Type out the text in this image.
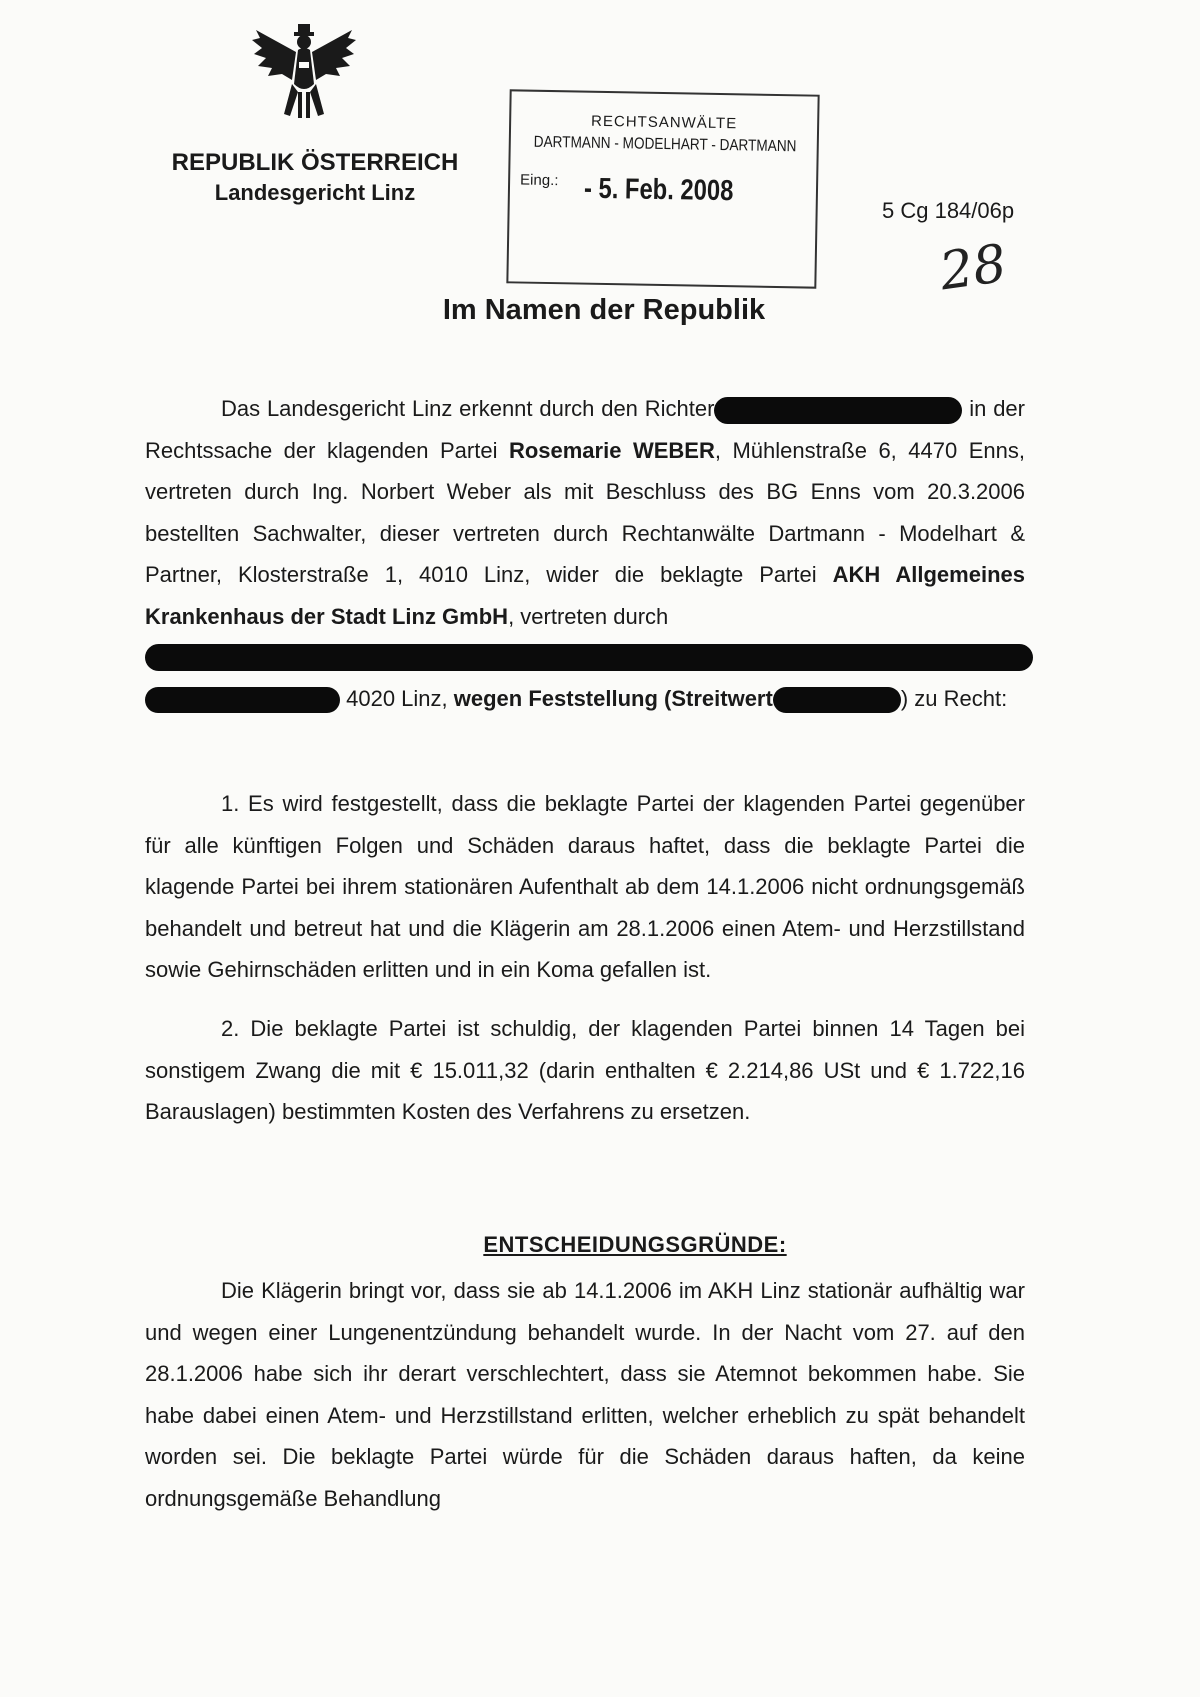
REPUBLIK ÖSTERREICH
Landesgericht Linz
RECHTSANWÄLTE
DARTMANN - MODELHART - DARTMANN
Eing.: - 5. Feb. 2008
5 Cg 184/06p
28
Im Namen der Republik
Das Landesgericht Linz erkennt durch den Richter	in der Rechtssache der klagenden Partei Rosemarie WEBER, Mühlenstraße 6, 4470 Enns, vertreten durch Ing. Norbert Weber als mit Beschluss des BG Enns vom 20.3.2006 bestellten Sachwalter, dieser vertreten durch Rechtanwälte Dartmann - Modelhart & Partner, Klosterstraße 1, 4010 Linz, wider die beklagte Partei AKH Allgemeines Krankenhaus der Stadt Linz GmbH, vertreten durch
4020 Linz, wegen Feststellung (Streitwert	) zu Recht:
1. Es wird festgestellt, dass die beklagte Partei der klagenden Partei gegenüber für alle künftigen Folgen und Schäden daraus haftet, dass die beklagte Partei die klagende Partei bei ihrem stationären Aufenthalt ab dem 14.1.2006 nicht ordnungsgemäß behandelt und betreut hat und die Klägerin am 28.1.2006 einen Atem- und Herzstillstand sowie Gehirnschäden erlitten und in ein Koma gefallen ist.
2. Die beklagte Partei ist schuldig, der klagenden Partei binnen 14 Tagen bei sonstigem Zwang die mit € 15.011,32 (darin enthalten € 2.214,86 USt und € 1.722,16 Barauslagen) bestimmten Kosten des Verfahrens zu ersetzen.
ENTSCHEIDUNGSGRÜNDE:
Die Klägerin bringt vor, dass sie ab 14.1.2006 im AKH Linz stationär aufhältig war und wegen einer Lungenentzündung behandelt wurde. In der Nacht vom 27. auf den 28.1.2006 habe sich ihr derart verschlechtert, dass sie Atemnot bekommen habe. Sie habe dabei einen Atem- und Herzstillstand erlitten, welcher erheblich zu spät behandelt worden sei. Die beklagte Partei würde für die Schäden daraus haften, da keine ordnungsgemäße Behandlung
